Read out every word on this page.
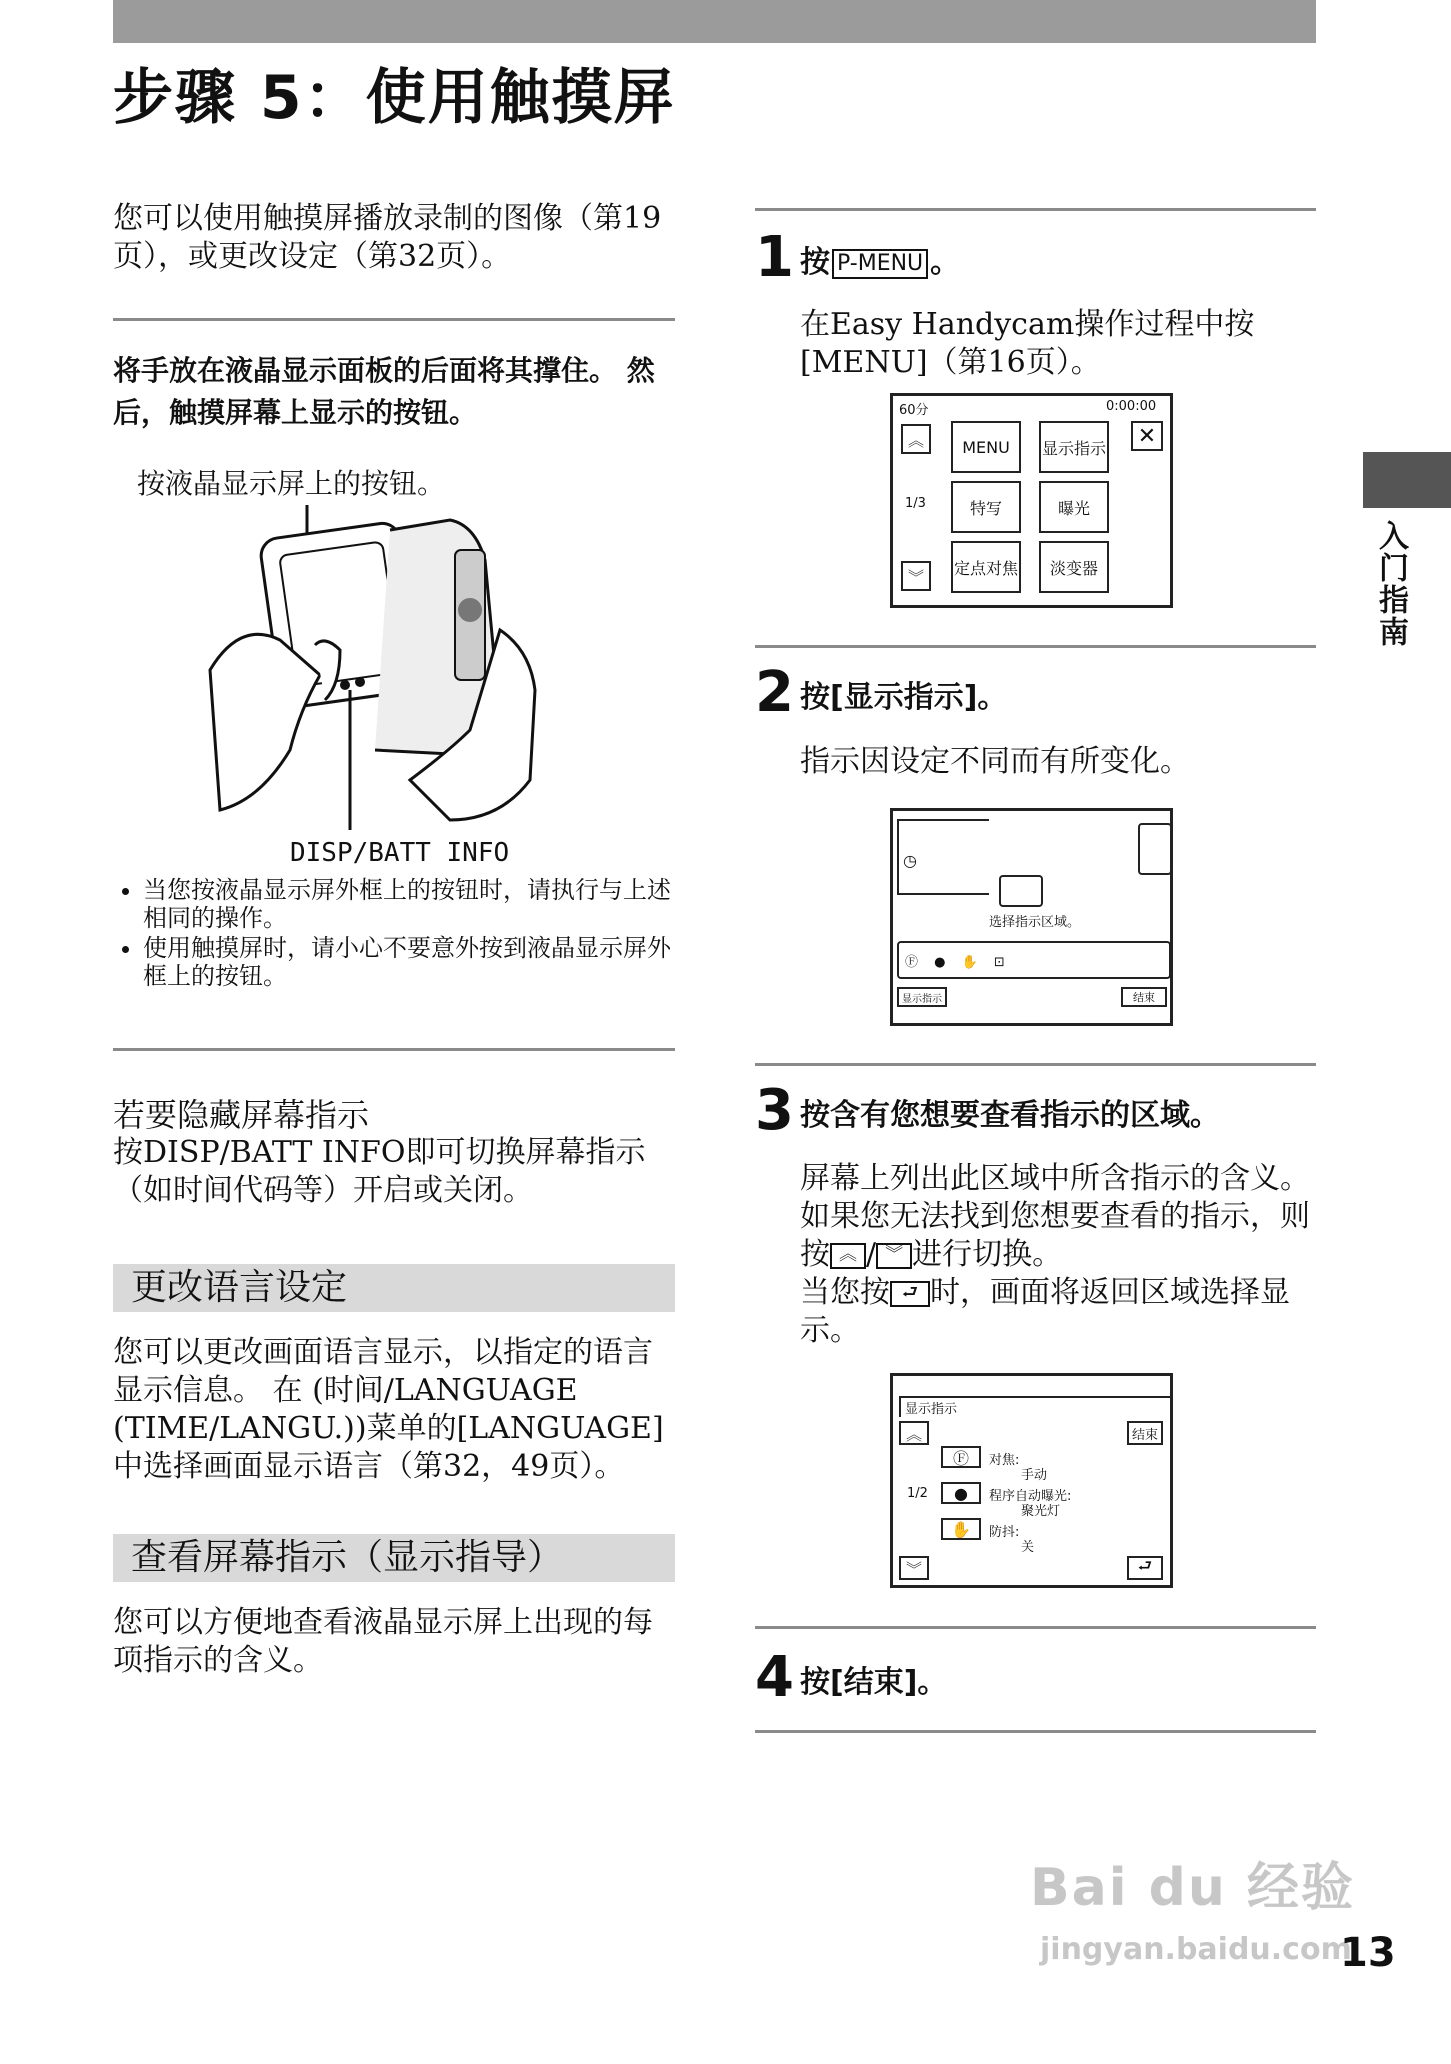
步骤 5：使用触摸屏
您可以使用触摸屏播放录制的图像（第19页），或更改设定（第32页）。
将手放在液晶显示面板的后面将其撑住。 然后，触摸屏幕上显示的按钮。
按液晶显示屏上的按钮。
DISP/BATT INFO
• 当您按液晶显示屏外框上的按钮时，请执行与上述相同的操作。
• 使用触摸屏时，请小心不要意外按到液晶显示屏外框上的按钮。
若要隐藏屏幕指示
按DISP/BATT INFO即可切换屏幕指示（如时间代码等）开启或关闭。
更改语言设定
您可以更改画面语言显示，以指定的语言显示信息。 在 (时间/LANGUAGE (TIME/LANGU.))菜单的[LANGUAGE]中选择画面显示语言（第32，49页）。
查看屏幕指示（显示指导）
您可以方便地查看液晶显示屏上出现的每项指示的含义。
1 按 P-MENU 。
在Easy Handycam操作过程中按[MENU]（第16页）。
60分	0:00:00
︽	✕
1/3
︾
MENU	显示指示
特写	曝光
定点对焦	淡变器
2 按[显示指示]。
指示因设定不同而有所变化。
◷
选择指示区域。
Ⓕ ● ✋ ⊡
显示指示	结束
3 按含有您想要查看指示的区域。
屏幕上列出此区域中所含指示的含义。 如果您无法找到您想要查看的指示，则按 ︽ / ︾ 进行切换。
当您按 ⮐ 时，画面将返回区域选择显示。
显示指示
︽	结束
1/2
Ⓕ	对焦:
手动
●	程序自动曝光:
聚光灯
✋	防抖:
关
︾	⮐
4 按[结束]。
入门指南
Bai du 经验
jingyan.baidu.com
13
